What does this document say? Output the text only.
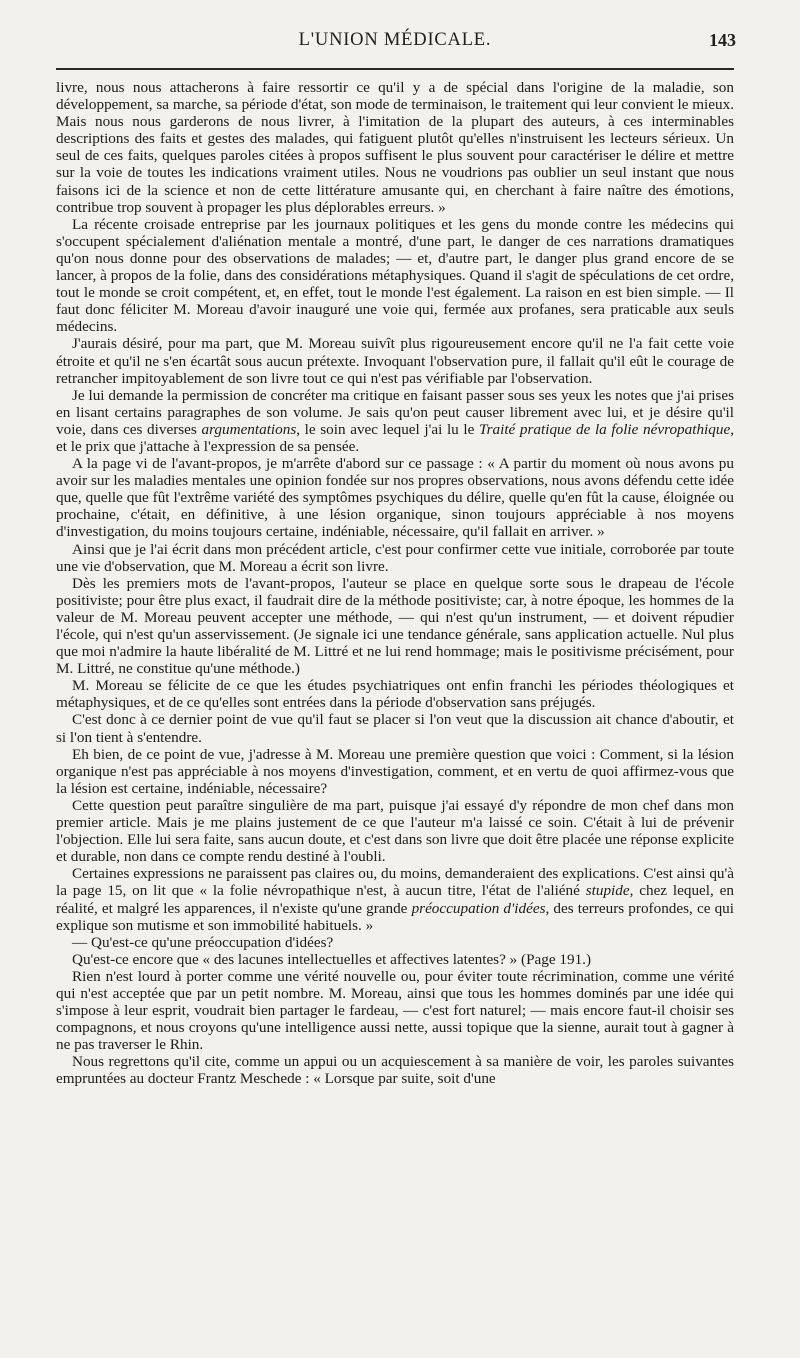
L'UNION MÉDICALE.	143

livre, nous nous attacherons à faire ressortir ce qu'il y a de spécial dans l'origine de la maladie, son développement, sa marche, sa période d'état, son mode de terminaison, le traitement qui leur convient le mieux. Mais nous nous garderons de nous livrer, à l'imitation de la plupart des auteurs, à ces interminables descriptions des faits et gestes des malades, qui fatiguent plutôt qu'elles n'instruisent les lecteurs sérieux. Un seul de ces faits, quelques paroles citées à propos suffisent le plus souvent pour caractériser le délire et mettre sur la voie de toutes les indications vraiment utiles. Nous ne voudrions pas oublier un seul instant que nous faisons ici de la science et non de cette littérature amusante qui, en cherchant à faire naître des émotions, contribue trop souvent à propager les plus déplorables erreurs. »

La récente croisade entreprise par les journaux politiques et les gens du monde contre les médecins qui s'occupent spécialement d'aliénation mentale a montré, d'une part, le danger de ces narrations dramatiques qu'on nous donne pour des observations de malades; — et, d'autre part, le danger plus grand encore de se lancer, à propos de la folie, dans des considérations métaphysiques. Quand il s'agit de spéculations de cet ordre, tout le monde se croit compétent, et, en effet, tout le monde l'est également. La raison en est bien simple. — Il faut donc féliciter M. Moreau d'avoir inauguré une voie qui, fermée aux profanes, sera praticable aux seuls médecins.

J'aurais désiré, pour ma part, que M. Moreau suivît plus rigoureusement encore qu'il ne l'a fait cette voie étroite et qu'il ne s'en écartât sous aucun prétexte. Invoquant l'observation pure, il fallait qu'il eût le courage de retrancher impitoyablement de son livre tout ce qui n'est pas vérifiable par l'observation.

Je lui demande la permission de concréter ma critique en faisant passer sous ses yeux les notes que j'ai prises en lisant certains paragraphes de son volume. Je sais qu'on peut causer librement avec lui, et je désire qu'il voie, dans ces diverses argumentations, le soin avec lequel j'ai lu le Traité pratique de la folie névropathique, et le prix que j'attache à l'expression de sa pensée.

A la page vi de l'avant-propos, je m'arrête d'abord sur ce passage : « A partir du moment où nous avons pu avoir sur les maladies mentales une opinion fondée sur nos propres observations, nous avons défendu cette idée que, quelle que fût l'extrême variété des symptômes psychiques du délire, quelle qu'en fût la cause, éloignée ou prochaine, c'était, en définitive, à une lésion organique, sinon toujours appréciable à nos moyens d'investigation, du moins toujours certaine, indéniable, nécessaire, qu'il fallait en arriver. »

Ainsi que je l'ai écrit dans mon précédent article, c'est pour confirmer cette vue initiale, corroborée par toute une vie d'observation, que M. Moreau a écrit son livre.

Dès les premiers mots de l'avant-propos, l'auteur se place en quelque sorte sous le drapeau de l'école positiviste; pour être plus exact, il faudrait dire de la méthode positiviste; car, à notre époque, les hommes de la valeur de M. Moreau peuvent accepter une méthode, — qui n'est qu'un instrument, — et doivent répudier l'école, qui n'est qu'un asservissement. (Je signale ici une tendance générale, sans application actuelle. Nul plus que moi n'admire la haute libéralité de M. Littré et ne lui rend hommage; mais le positivisme précisément, pour M. Littré, ne constitue qu'une méthode.)

M. Moreau se félicite de ce que les études psychiatriques ont enfin franchi les périodes théologiques et métaphysiques, et de ce qu'elles sont entrées dans la période d'observation sans préjugés.

C'est donc à ce dernier point de vue qu'il faut se placer si l'on veut que la discussion ait chance d'aboutir, et si l'on tient à s'entendre.

Eh bien, de ce point de vue, j'adresse à M. Moreau une première question que voici : Comment, si la lésion organique n'est pas appréciable à nos moyens d'investigation, comment, et en vertu de quoi affirmez-vous que la lésion est certaine, indéniable, nécessaire?

Cette question peut paraître singulière de ma part, puisque j'ai essayé d'y répondre de mon chef dans mon premier article. Mais je me plains justement de ce que l'auteur m'a laissé ce soin. C'était à lui de prévenir l'objection. Elle lui sera faite, sans aucun doute, et c'est dans son livre que doit être placée une réponse explicite et durable, non dans ce compte rendu destiné à l'oubli.

Certaines expressions ne paraissent pas claires ou, du moins, demanderaient des explications. C'est ainsi qu'à la page 15, on lit que « la folie névropathique n'est, à aucun titre, l'état de l'aliéné stupide, chez lequel, en réalité, et malgré les apparences, il n'existe qu'une grande préoccupation d'idées, des terreurs profondes, ce qui explique son mutisme et son immobilité habituels. »

— Qu'est-ce qu'une préoccupation d'idées?

Qu'est-ce encore que « des lacunes intellectuelles et affectives latentes? » (Page 191.)

Rien n'est lourd à porter comme une vérité nouvelle ou, pour éviter toute récrimination, comme une vérité qui n'est acceptée que par un petit nombre. M. Moreau, ainsi que tous les hommes dominés par une idée qui s'impose à leur esprit, voudrait bien partager le fardeau, — c'est fort naturel; — mais encore faut-il choisir ses compagnons, et nous croyons qu'une intelligence aussi nette, aussi topique que la sienne, aurait tout à gagner à ne pas traverser le Rhin.

Nous regrettons qu'il cite, comme un appui ou un acquiescement à sa manière de voir, les paroles suivantes empruntées au docteur Frantz Meschede : « Lorsque par suite, soit d'une
